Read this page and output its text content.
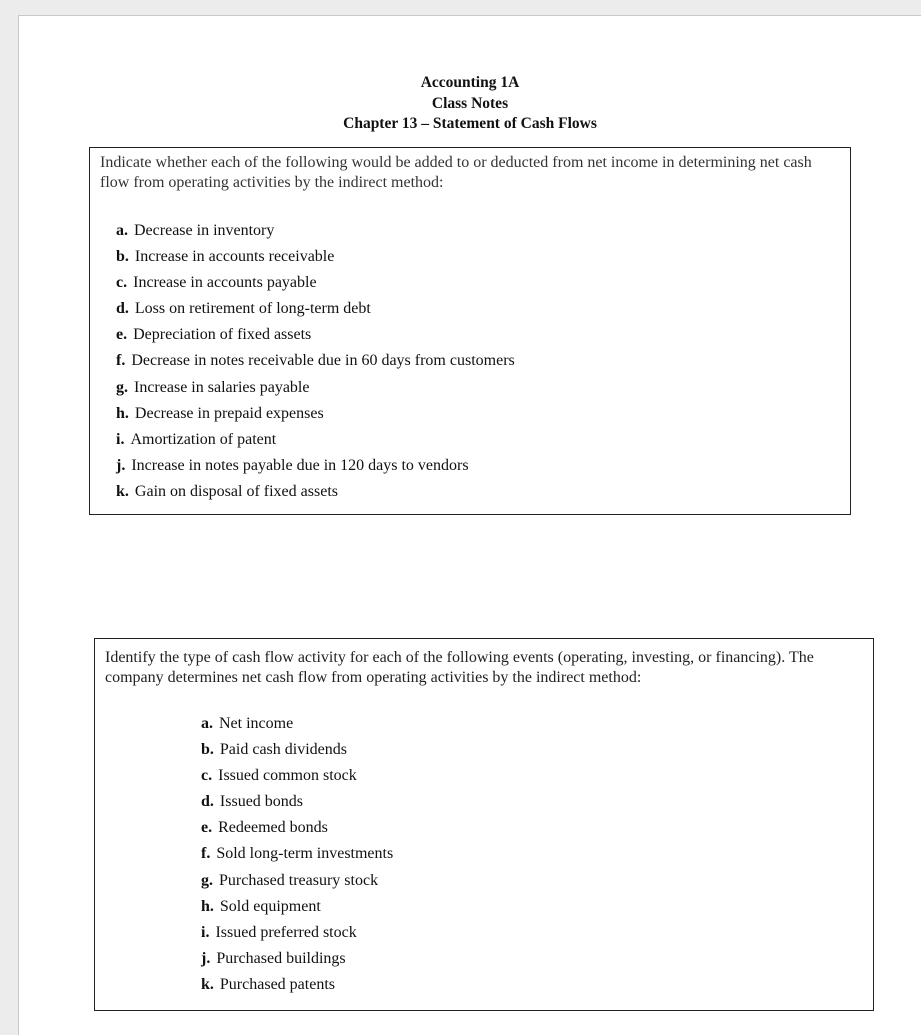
Accounting 1A
Class Notes
Chapter 13 – Statement of Cash Flows
Indicate whether each of the following would be added to or deducted from net income in determining net cash flow from operating activities by the indirect method:
a. Decrease in inventory
b. Increase in accounts receivable
c. Increase in accounts payable
d. Loss on retirement of long-term debt
e. Depreciation of fixed assets
f. Decrease in notes receivable due in 60 days from customers
g. Increase in salaries payable
h. Decrease in prepaid expenses
i. Amortization of patent
j. Increase in notes payable due in 120 days to vendors
k. Gain on disposal of fixed assets
Identify the type of cash flow activity for each of the following events (operating, investing, or financing). The company determines net cash flow from operating activities by the indirect method:
a. Net income
b. Paid cash dividends
c. Issued common stock
d. Issued bonds
e. Redeemed bonds
f. Sold long-term investments
g. Purchased treasury stock
h. Sold equipment
i. Issued preferred stock
j. Purchased buildings
k. Purchased patents
